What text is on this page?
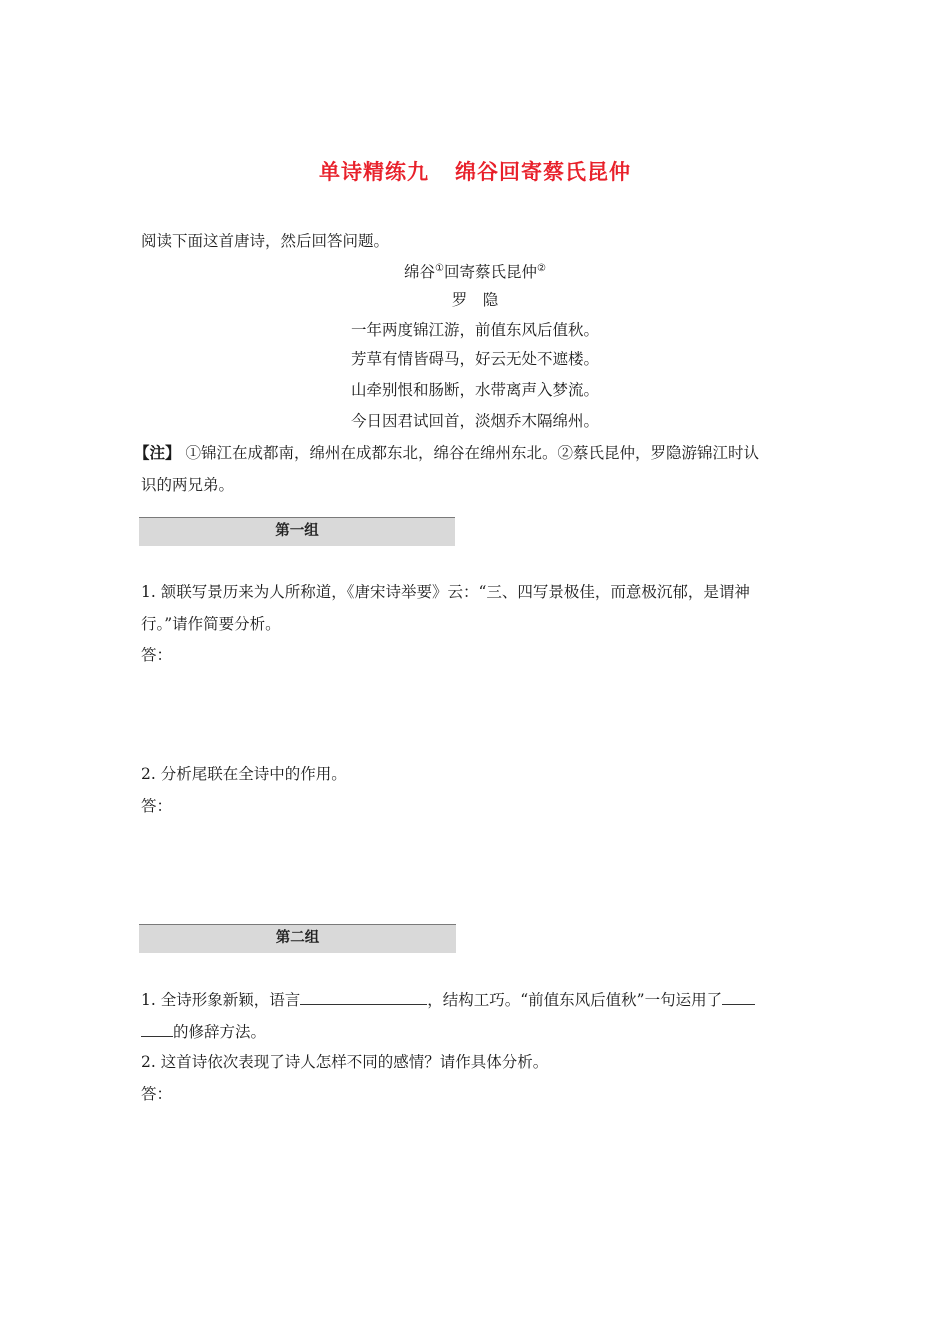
单诗精练九 绵谷回寄蔡氏昆仲
阅读下面这首唐诗，然后回答问题。
绵谷①回寄蔡氏昆仲②
罗　隐
一年两度锦江游，前值东风后值秋。
芳草有情皆碍马，好云无处不遮楼。
山牵别恨和肠断，水带离声入梦流。
今日因君试回首，淡烟乔木隔绵州。
【注】 ①锦江在成都南，绵州在成都东北，绵谷在绵州东北。②蔡氏昆仲，罗隐游锦江时认
识的两兄弟。
第一组
1. 颔联写景历来为人所称道，《唐宋诗举要》云：“三、四写景极佳，而意极沉郁，是谓神
行。”请作简要分析。
答：
2. 分析尾联在全诗中的作用。
答：
第二组
1. 全诗形象新颖，语言	，结构工巧。“前值东风后值秋”一句运用了
的修辞方法。
2. 这首诗依次表现了诗人怎样不同的感情？请作具体分析。
答：
